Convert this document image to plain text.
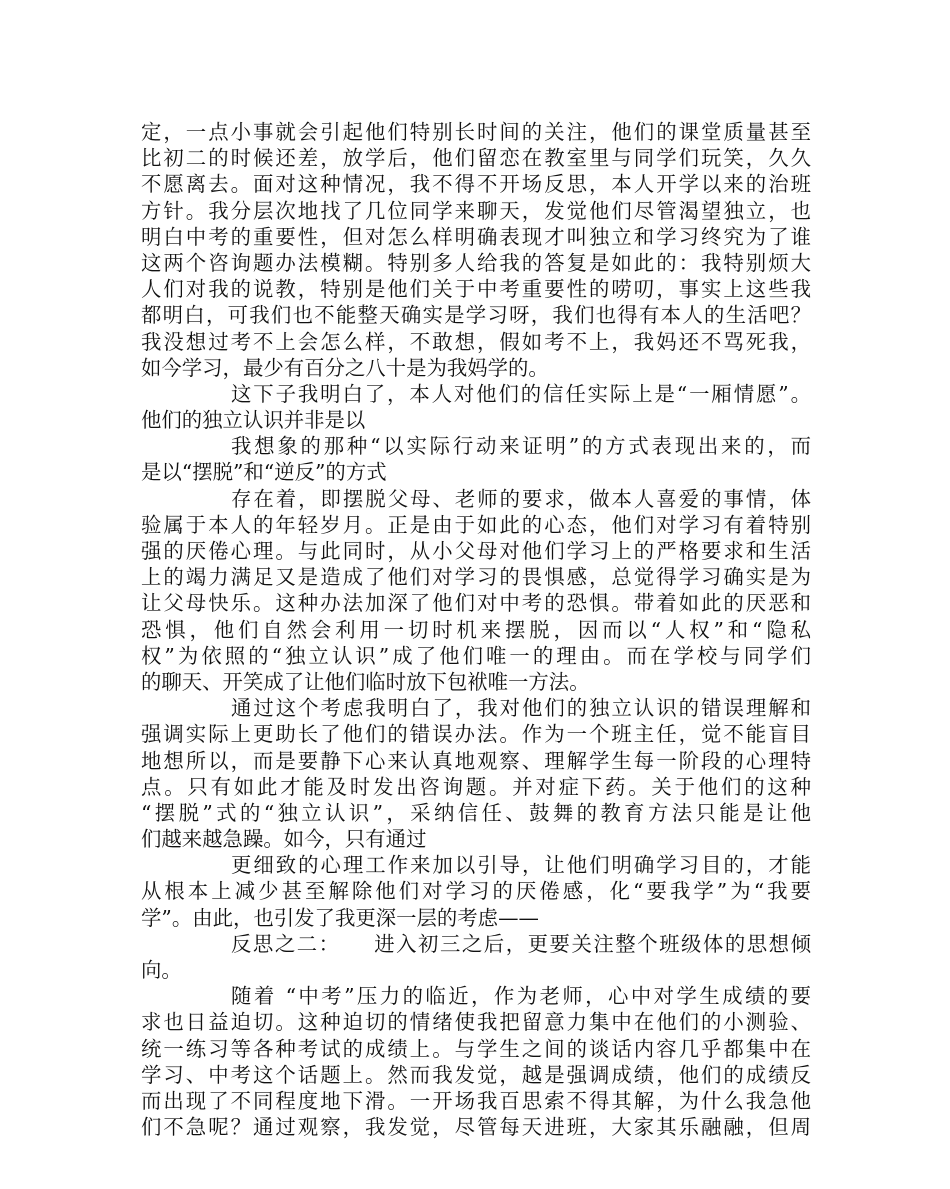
定，一点小事就会引起他们特别长时间的关注，他们的课堂质量甚至
比初二的时候还差，放学后，他们留恋在教室里与同学们玩笑，久久
不愿离去。面对这种情况，我不得不开场反思，本人开学以来的治班
方针。我分层次地找了几位同学来聊天，发觉他们尽管渴望独立，也
明白中考的重要性，但对怎么样明确表现才叫独立和学习终究为了谁
这两个咨询题办法模糊。特别多人给我的答复是如此的：我特别烦大
人们对我的说教，特别是他们关于中考重要性的唠叨，事实上这些我
都明白，可我们也不能整天确实是学习呀，我们也得有本人的生活吧？
我没想过考不上会怎么样，不敢想，假如考不上，我妈还不骂死我，
如今学习，最少有百分之八十是为我妈学的。
这下子我明白了，本人对他们的信任实际上是“一厢情愿”。
他们的独立认识并非是以
我想象的那种“以实际行动来证明”的方式表现出来的，而
是以“摆脱”和“逆反”的方式
存在着，即摆脱父母、老师的要求，做本人喜爱的事情，体
验属于本人的年轻岁月。正是由于如此的心态，他们对学习有着特别
强的厌倦心理。与此同时，从小父母对他们学习上的严格要求和生活
上的竭力满足又是造成了他们对学习的畏惧感，总觉得学习确实是为
让父母快乐。这种办法加深了他们对中考的恐惧。带着如此的厌恶和
恐惧，他们自然会利用一切时机来摆脱，因而以“人权”和“隐私
权”为依照的“独立认识”成了他们唯一的理由。而在学校与同学们
的聊天、开笑成了让他们临时放下包袱唯一方法。
通过这个考虑我明白了，我对他们的独立认识的错误理解和
强调实际上更助长了他们的错误办法。作为一个班主任，觉不能盲目
地想所以，而是要静下心来认真地观察、理解学生每一阶段的心理特
点。只有如此才能及时发出咨询题。并对症下药。关于他们的这种
“摆脱”式的“独立认识”，采纳信任、鼓舞的教育方法只能是让他
们越来越急躁。如今，只有通过
更细致的心理工作来加以引导，让他们明确学习目的，才能
从根本上减少甚至解除他们对学习的厌倦感，化“要我学”为“我要
学”。由此，也引发了我更深一层的考虑——
反思之二：　　进入初三之后，更要关注整个班级体的思想倾
向。
随着 “中考”压力的临近，作为老师，心中对学生成绩的要
求也日益迫切。这种迫切的情绪使我把留意力集中在他们的小测验、
统一练习等各种考试的成绩上。与学生之间的谈话内容几乎都集中在
学习、中考这个话题上。然而我发觉，越是强调成绩，他们的成绩反
而出现了不同程度地下滑。一开场我百思索不得其解，为什么我急他
们不急呢？通过观察，我发觉，尽管每天进班，大家其乐融融，但周
